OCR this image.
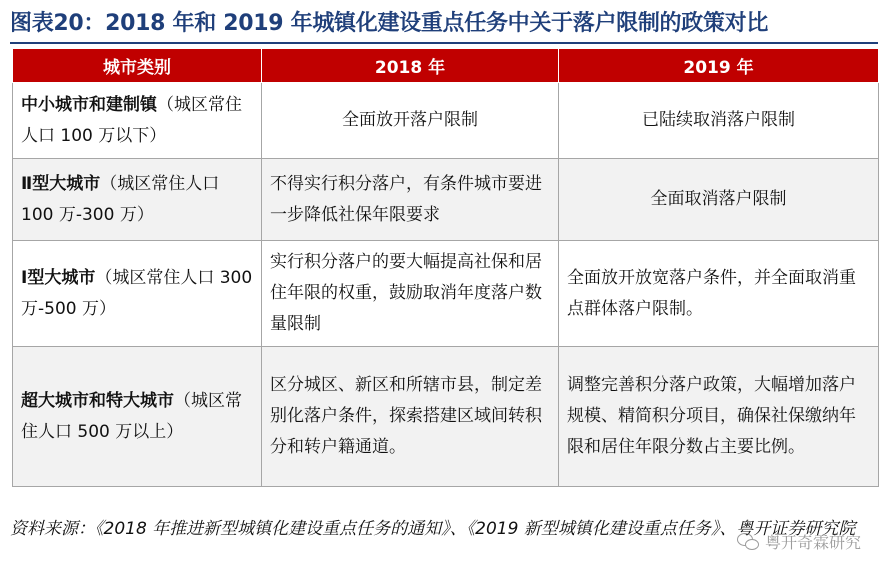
图表20：2018 年和 2019 年城镇化建设重点任务中关于落户限制的政策对比
城市类别	2018 年	2019 年
中小城市和建制镇（城区常住人口 100 万以下）	全面放开落户限制	已陆续取消落户限制
Ⅱ型大城市（城区常住人口 100 万-300 万）	不得实行积分落户，有条件城市要进一步降低社保年限要求	全面取消落户限制
Ⅰ型大城市（城区常住人口 300 万-500 万）	实行积分落户的要大幅提高社保和居住年限的权重，鼓励取消年度落户数量限制	全面放开放宽落户条件，并全面取消重点群体落户限制。
超大城市和特大城市（城区常住人口 500 万以上）	区分城区、新区和所辖市县，制定差别化落户条件，探索搭建区域间转积分和转户籍通道。	调整完善积分落户政策，大幅增加落户规模、精简积分项目，确保社保缴纳年限和居住年限分数占主要比例。
资料来源：《2018 年推进新型城镇化建设重点任务的通知》、《2019 新型城镇化建设重点任务》、粤开证券研究院
粤开奇霖研究
